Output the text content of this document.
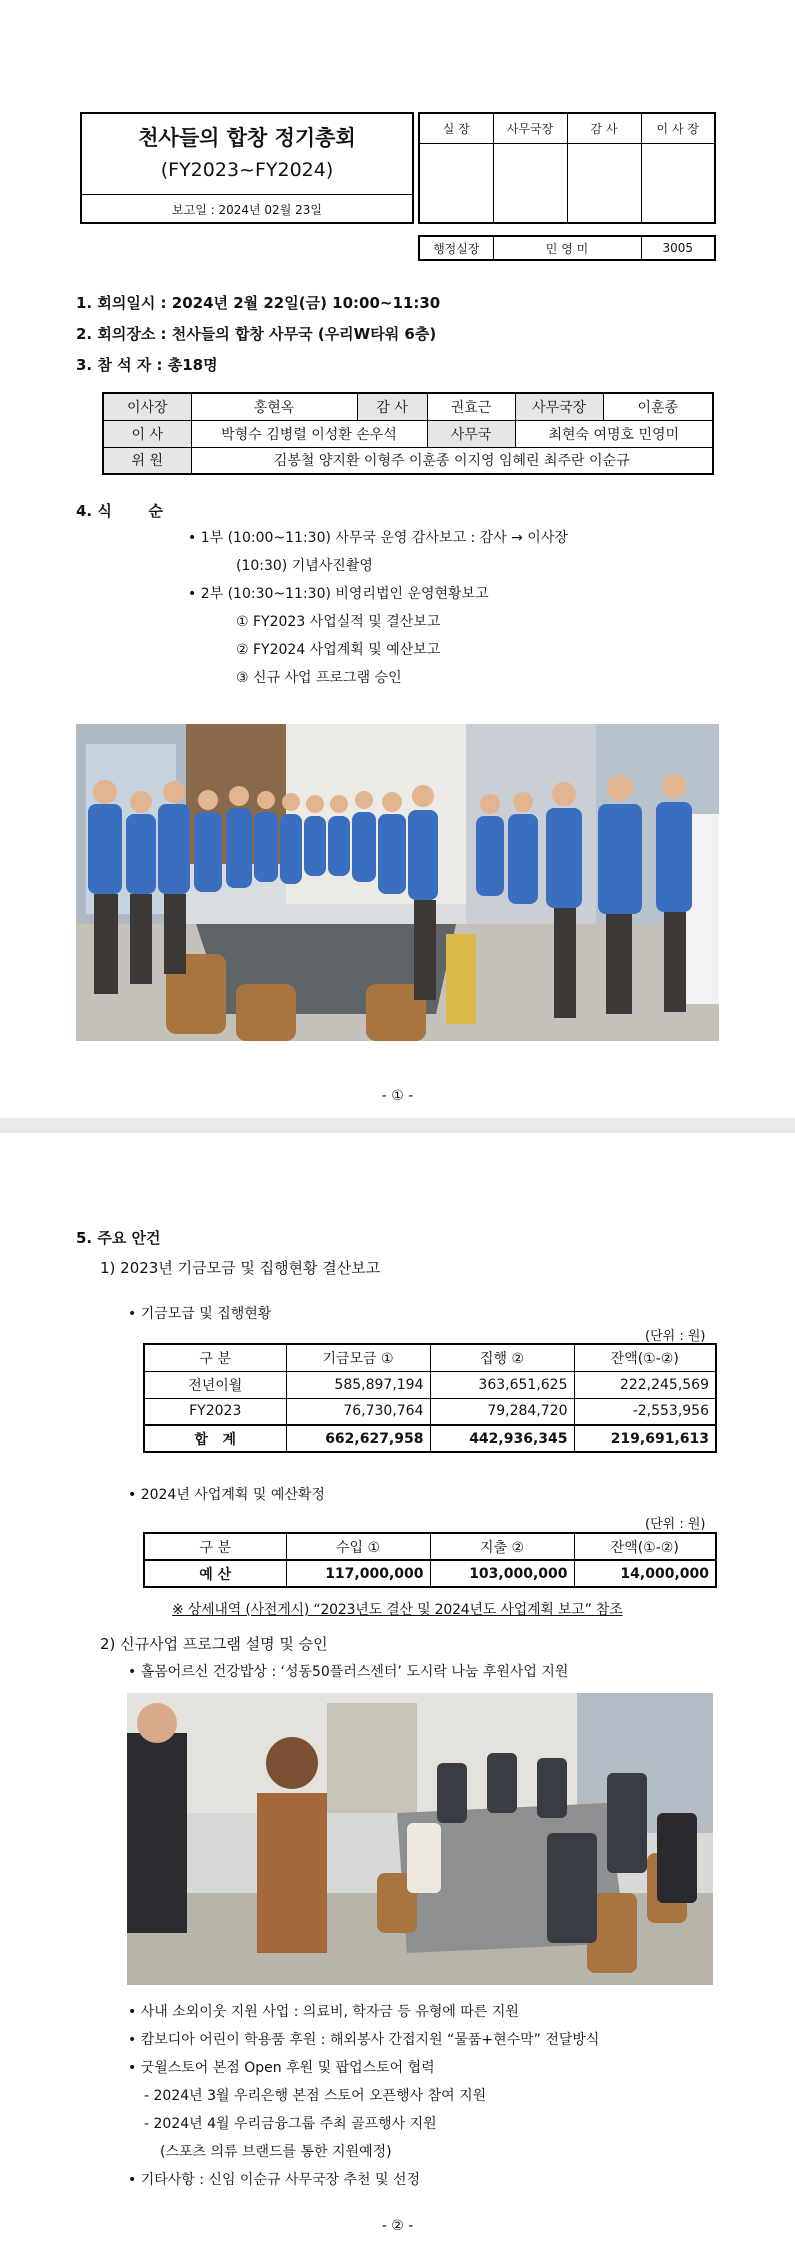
천사들의 합창 정기총회
(FY2023~FY2024)
보고일 : 2024년 02월 23일
실 장	사무국장	감 사	이 사 장

행정실장	민 영 미	3005
1. 회의일시 : 2024년 2월 22일(금) 10:00~11:30
2. 회의장소 : 천사들의 합창 사무국 (우리W타워 6층)
3. 참 석 자 : 총18명
이사장	홍현옥	감 사	권효근	사무국장	이훈종
이 사	박형수 김병렬 이성환 손우석		사무국	최현숙 여명호 민영미	
위 원	김봉철 양지환 이형주 이훈종 이지영 임혜린 최주란 이순규				
4. 식       순
• 1부 (10:00~11:30) 사무국 운영 감사보고 : 감사 → 이사장
(10:30) 기념사진촬영
• 2부 (10:30~11:30) 비영리법인 운영현황보고
① FY2023 사업실적 및 결산보고
② FY2024 사업계획 및 예산보고
③ 신규 사업 프로그램 승인
- ① -
5. 주요 안건
1) 2023년 기금모금 및 집행현황 결산보고
• 기금모급 및 집행현황
(단위 : 원)
구 분	기금모금 ①	집행 ②	잔액(①-②)
전년이월	585,897,194	363,651,625	222,245,569
FY2023	76,730,764	79,284,720	-2,553,956
합   계	662,627,958	442,936,345	219,691,613
• 2024년 사업계획 및 예산확정
(단위 : 원)
구 분	수입 ①	지출 ②	잔액(①-②)
예 산	117,000,000	103,000,000	14,000,000
※ 상세내역 (사전게시) “2023년도 결산 및 2024년도 사업계획 보고” 참조
2) 신규사업 프로그램 설명 및 승인
• 홀몸어르신 건강밥상 : ‘성동50플러스센터’ 도시락 나눔 후원사업 지원
• 사내 소외이웃 지원 사업 : 의료비, 학자금 등 유형에 따른 지원
• 캄보디아 어린이 학용품 후원 : 해외봉사 간접지원 “물품+현수막” 전달방식
• 굿윌스토어 본점 Open 후원 및 팝업스토어 협력
- 2024년 3월 우리은행 본점 스토어 오픈행사 참여 지원
- 2024년 4월 우리금융그룹 주최 골프행사 지원
(스포츠 의류 브랜드를 통한 지원예정)
• 기타사항 : 신임 이순규 사무국장 추천 및 선정
- ② -
